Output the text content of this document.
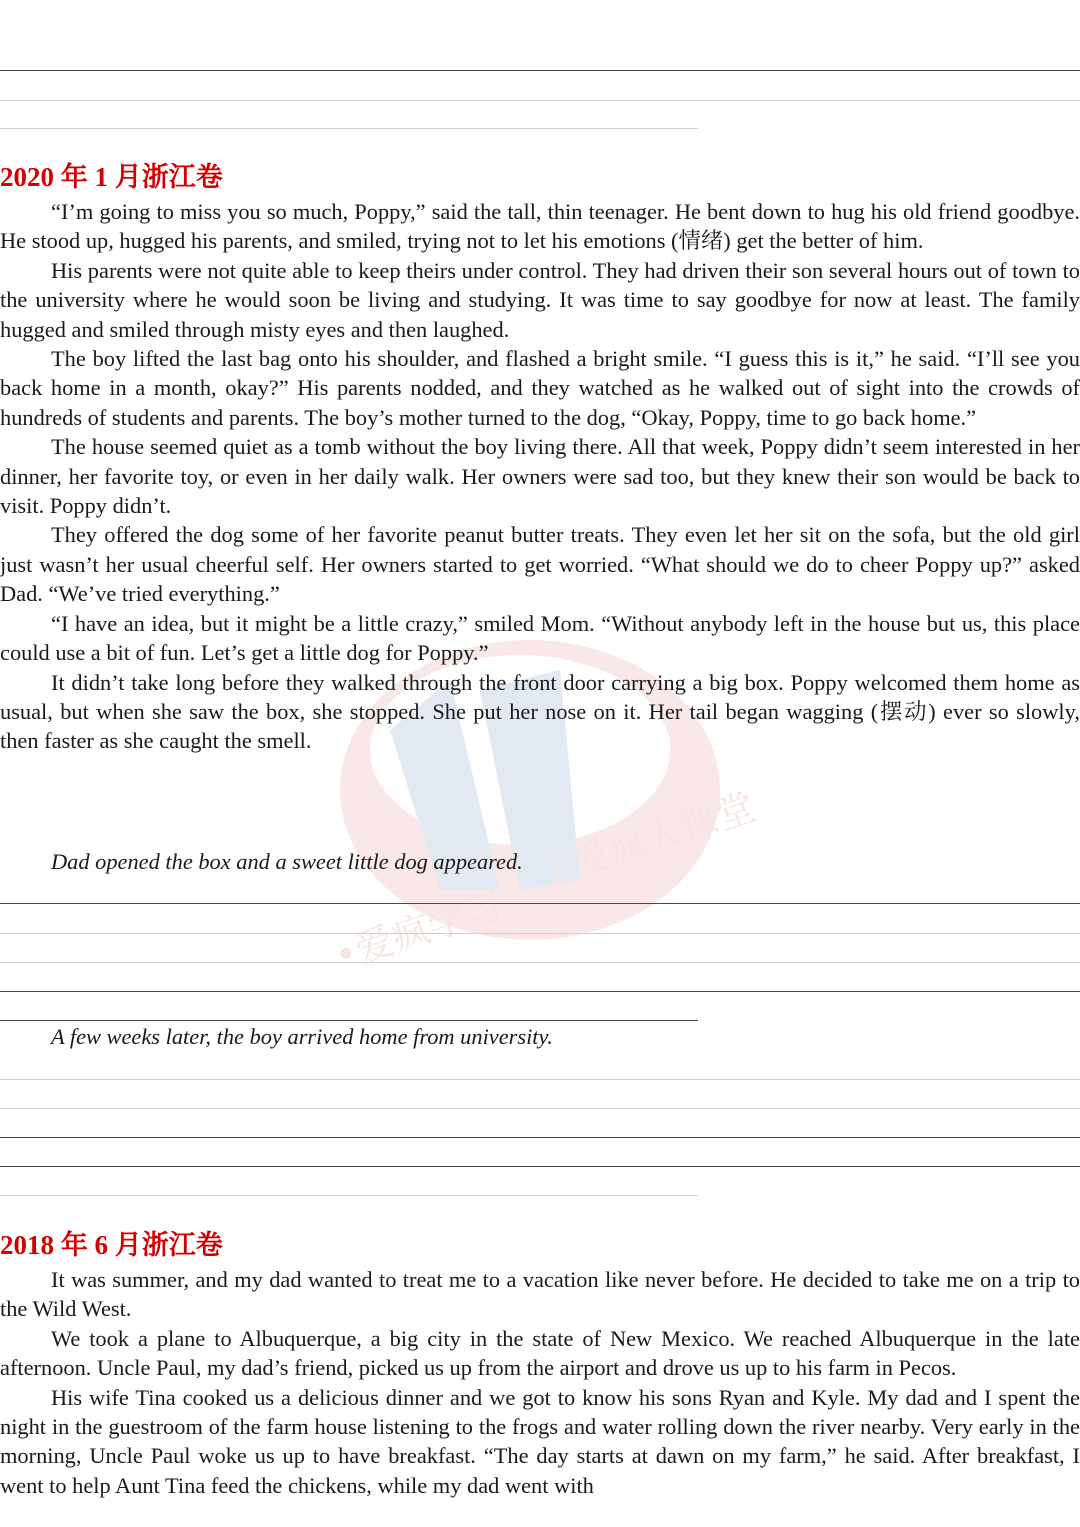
上爱疯大课堂
•爱疯学习
2020 年 1 月浙江卷

“I’m going to miss you so much, Poppy,” said the tall, thin teenager. He bent down to hug his old friend goodbye. He stood up, hugged his parents, and smiled, trying not to let his emotions (情绪) get the better of him.

His parents were not quite able to keep theirs under control. They had driven their son several hours out of town to the university where he would soon be living and studying. It was time to say goodbye for now at least. The family hugged and smiled through misty eyes and then laughed.

The boy lifted the last bag onto his shoulder, and flashed a bright smile. “I guess this is it,” he said. “I’ll see you back home in a month, okay?” His parents nodded, and they watched as he walked out of sight into the crowds of hundreds of students and parents. The boy’s mother turned to the dog, “Okay, Poppy, time to go back home.”

The house seemed quiet as a tomb without the boy living there. All that week, Poppy didn’t seem interested in her dinner, her favorite toy, or even in her daily walk. Her owners were sad too, but they knew their son would be back to visit. Poppy didn’t.

They offered the dog some of her favorite peanut butter treats. They even let her sit on the sofa, but the old girl just wasn’t her usual cheerful self. Her owners started to get worried. “What should we do to cheer Poppy up?” asked Dad. “We’ve tried everything.”

“I have an idea, but it might be a little crazy,” smiled Mom. “Without anybody left in the house but us, this place could use a bit of fun. Let’s get a little dog for Poppy.”

It didn’t take long before they walked through the front door carrying a big box. Poppy welcomed them home as usual, but when she saw the box, she stopped. She put her nose on it. Her tail began wagging (摆动) ever so slowly, then faster as she caught the smell.

Dad opened the box and a sweet little dog appeared.

A few weeks later, the boy arrived home from university.

2018 年 6 月浙江卷

It was summer, and my dad wanted to treat me to a vacation like never before. He decided to take me on a trip to the Wild West.

We took a plane to Albuquerque, a big city in the state of New Mexico. We reached Albuquerque in the late afternoon. Uncle Paul, my dad’s friend, picked us up from the airport and drove us up to his farm in Pecos.

His wife Tina cooked us a delicious dinner and we got to know his sons Ryan and Kyle. My dad and I spent the night in the guestroom of the farm house listening to the frogs and water rolling down the river nearby. Very early in the morning, Uncle Paul woke us up to have breakfast. “The day starts at dawn on my farm,” he said. After breakfast, I went to help Aunt Tina feed the chickens, while my dad went with
